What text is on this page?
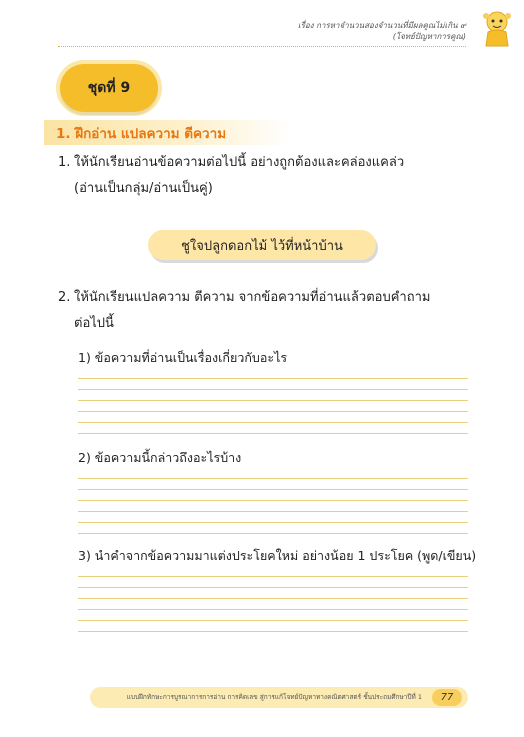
เรื่อง การหาจำนวนสองจำนวนที่มีผลคูณไม่เกิน ๙
(โจทย์ปัญหาการคูณ)
ชุดที่ 9
1. ฝึกอ่าน แปลความ ตีความ
1. ให้นักเรียนอ่านข้อความต่อไปนี้ อย่างถูกต้องและคล่องแคล่ว
(อ่านเป็นกลุ่ม/อ่านเป็นคู่)
ชูใจปลูกดอกไม้ ไว้ที่หน้าบ้าน
2. ให้นักเรียนแปลความ ตีความ จากข้อความที่อ่านแล้วตอบคำถาม
ต่อไปนี้
1) ข้อความที่อ่านเป็นเรื่องเกี่ยวกับอะไร
2) ข้อความนี้กล่าวถึงอะไรบ้าง
3) นำคำจากข้อความมาแต่งประโยคใหม่ อย่างน้อย 1 ประโยค (พูด/เขียน)
แบบฝึกทักษะการบูรณาการการอ่าน การคิดเลข สู่การแก้โจทย์ปัญหาทางคณิตศาสตร์ ชั้นประถมศึกษาปีที่ 1	77
